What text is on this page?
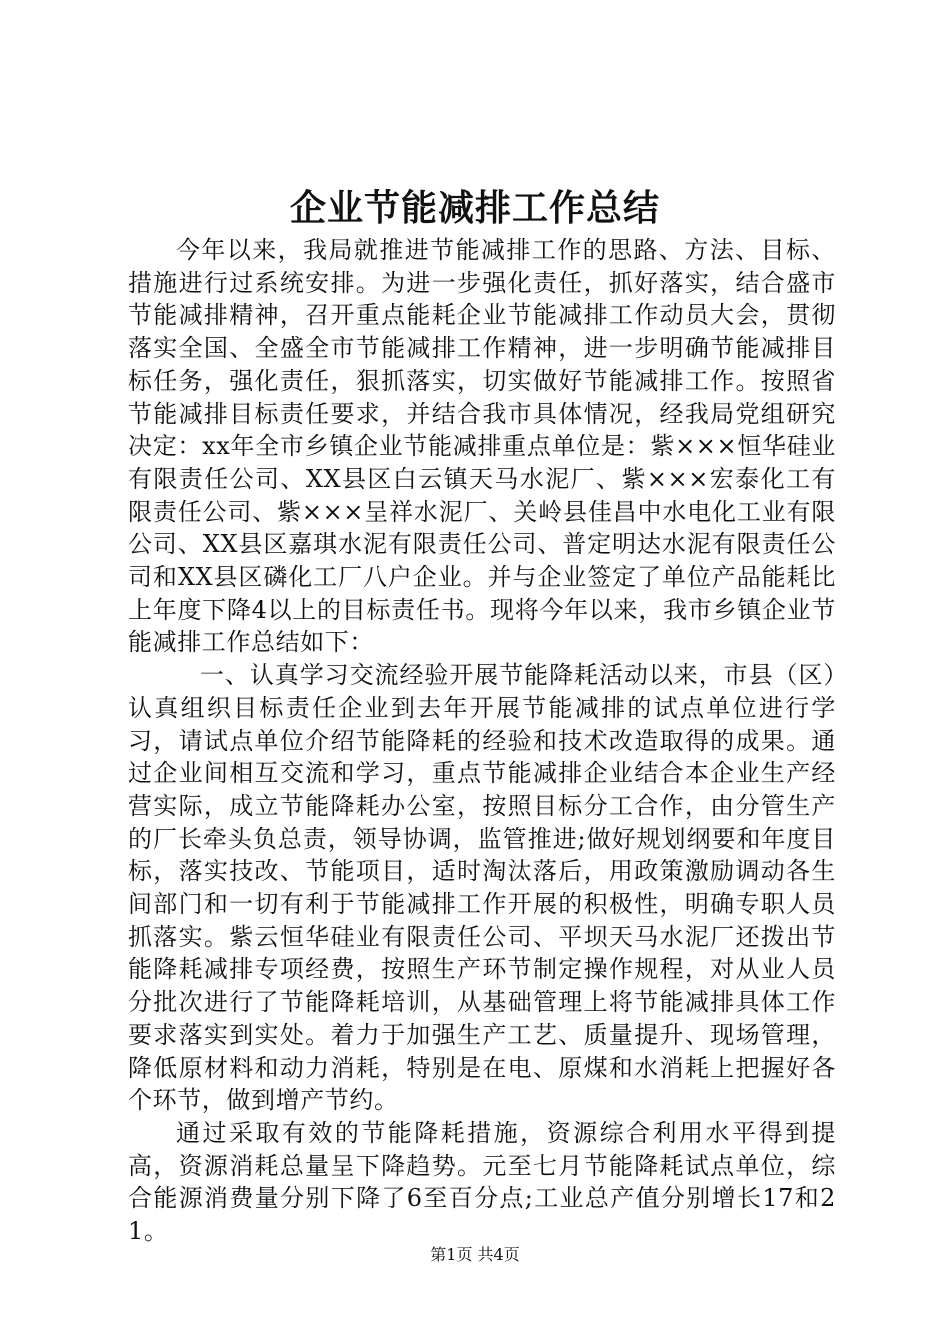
企业节能减排工作总结

今年以来，我局就推进节能减排工作的思路、方法、目标、措施进行过系统安排。为进一步强化责任，抓好落实，结合盛市节能减排精神，召开重点能耗企业节能减排工作动员大会，贯彻落实全国、全盛全市节能减排工作精神，进一步明确节能减排目标任务，强化责任，狠抓落实，切实做好节能减排工作。按照省节能减排目标责任要求，并结合我市具体情况，经我局党组研究决定：xx年全市乡镇企业节能减排重点单位是：紫×××恒华硅业有限责任公司、XX县区白云镇天马水泥厂、紫×××宏泰化工有限责任公司、紫×××呈祥水泥厂、关岭县佳昌中水电化工业有限公司、XX县区嘉琪水泥有限责任公司、普定明达水泥有限责任公司和XX县区磷化工厂八户企业。并与企业签定了单位产品能耗比上年度下降4以上的目标责任书。现将今年以来，我市乡镇企业节能减排工作总结如下：

一、认真学习交流经验开展节能降耗活动以来，市县（区）认真组织目标责任企业到去年开展节能减排的试点单位进行学习，请试点单位介绍节能降耗的经验和技术改造取得的成果。通过企业间相互交流和学习，重点节能减排企业结合本企业生产经营实际，成立节能降耗办公室，按照目标分工合作，由分管生产的厂长牵头负总责，领导协调，监管推进;做好规划纲要和年度目标，落实技改、节能项目，适时淘汰落后，用政策激励调动各生间部门和一切有利于节能减排工作开展的积极性，明确专职人员抓落实。紫云恒华硅业有限责任公司、平坝天马水泥厂还拨出节能降耗减排专项经费，按照生产环节制定操作规程，对从业人员分批次进行了节能降耗培训，从基础管理上将节能减排具体工作要求落实到实处。着力于加强生产工艺、质量提升、现场管理，降低原材料和动力消耗，特别是在电、原煤和水消耗上把握好各个环节，做到增产节约。

通过采取有效的节能降耗措施，资源综合利用水平得到提高，资源消耗总量呈下降趋势。元至七月节能降耗试点单位，综合能源消费量分别下降了6至百分点;工业总产值分别增长17和21。

第1页 共4页
